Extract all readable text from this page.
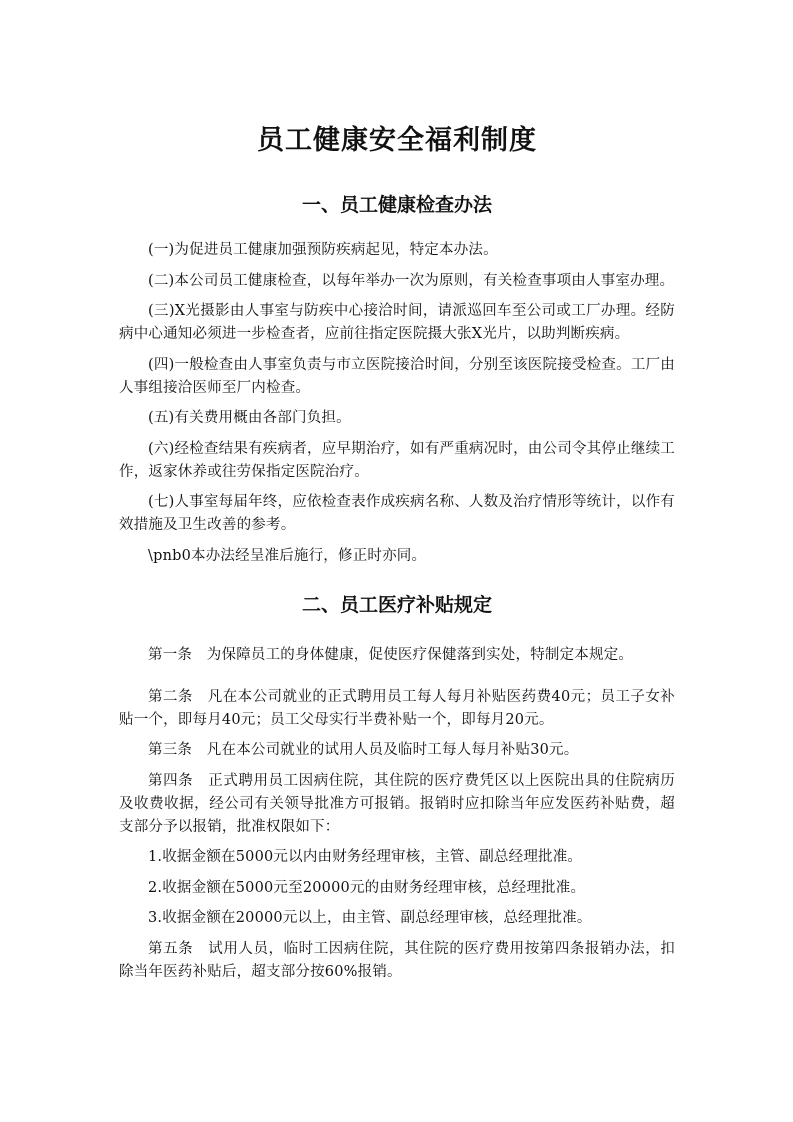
员工健康安全福利制度
一、员工健康检查办法

(一)为促进员工健康加强预防疾病起见，特定本办法。

(二)本公司员工健康检查，以每年举办一次为原则，有关检查事项由人事室办理。

(三)X光摄影由人事室与防疾中心接洽时间，请派巡回车至公司或工厂办理。经防病中心通知必须进一步检查者，应前往指定医院摄大张X光片，以助判断疾病。

(四)一般检查由人事室负责与市立医院接洽时间，分别至该医院接受检查。工厂由人事组接洽医师至厂内检查。

(五)有关费用概由各部门负担。

(六)经检查结果有疾病者，应早期治疗，如有严重病况时，由公司令其停止继续工作，返家休养或往劳保指定医院治疗。

(七)人事室每届年终，应依检查表作成疾病名称、人数及治疗情形等统计，以作有效措施及卫生改善的参考。

\pnb0本办法经呈准后施行，修正时亦同。

二、员工医疗补贴规定

第一条　为保障员工的身体健康，促使医疗保健落到实处，特制定本规定。

第二条　凡在本公司就业的正式聘用员工每人每月补贴医药费40元；员工子女补贴一个，即每月40元；员工父母实行半费补贴一个，即每月20元。

第三条　凡在本公司就业的试用人员及临时工每人每月补贴30元。

第四条　正式聘用员工因病住院，其住院的医疗费凭区以上医院出具的住院病历及收费收据，经公司有关领导批准方可报销。报销时应扣除当年应发医药补贴费，超支部分予以报销，批准权限如下：

1.收据金额在5000元以内由财务经理审核，主管、副总经理批准。

2.收据金额在5000元至20000元的由财务经理审核，总经理批准。

3.收据金额在20000元以上，由主管、副总经理审核，总经理批准。

第五条　试用人员，临时工因病住院，其住院的医疗费用按第四条报销办法，扣除当年医药补贴后，超支部分按60%报销。
